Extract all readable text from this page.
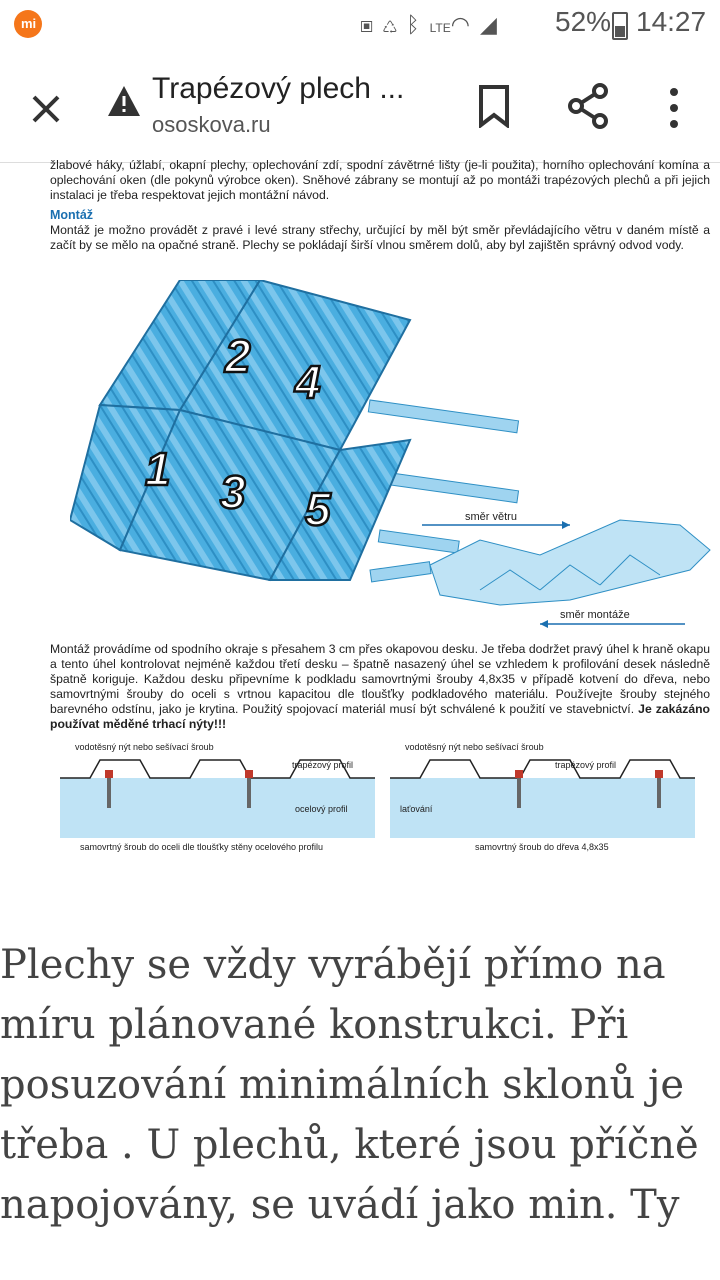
mi	▣♺ᛒLTE◠◢ 52% 14:27
Trapézový plech ...
ososkova.ru

žlabové háky, úžlabí, okapní plechy, oplechování zdí, spodní závětrné lišty (je-li použita), horního oplechování komína a oplechování oken (dle pokynů výrobce oken). Sněhové zábrany se montují až po montáži trapézových plechů a při jejich instalaci je třeba respektovat jejich montážní návod.

Montáž

Montáž je možno provádět z pravé i levé strany střechy, určující by měl být směr převládajícího větru v daném místě a začít by se mělo na opačné straně. Plechy se pokládají širší vlnou směrem dolů, aby byl zajištěn správný odvod vody.

2 4
1 3 5	směr větru
směr montáže

Montáž provádíme od spodního okraje s přesahem 3 cm přes okapovou desku. Je třeba dodržet pravý úhel k hraně okapu a tento úhel kontrolovat nejméně každou třetí desku – špatně nasazený úhel se vzhledem k profilování desek následně špatně koriguje. Každou desku připevníme k podkladu samovrtnými šrouby 4,8x35 v případě kotvení do dřeva, nebo samovrtnými šrouby do oceli s vrtnou kapacitou dle tloušťky podkladového materiálu. Používejte šrouby stejného barevného odstínu, jako je krytina. Použitý spojovací materiál musí být schválené k použití ve stavebnictví. Je zakázáno používat měděné trhací nýty!!!

vodotěsný nýt nebo sešívací šroub
trapézový profil
ocelový profil
samovrtný šroub do oceli dle tloušťky stěny ocelového profilu
vodotěsný nýt nebo sešívací šroub
trapézový profil
laťování
samovrtný šroub do dřeva 4,8x35
Plechy se vždy vyrábějí přímo na
míru plánované konstrukci. Při
posuzování minimálních sklonů je
třeba . U plechů, které jsou příčně
napojovány, se uvádí jako min. Ty
